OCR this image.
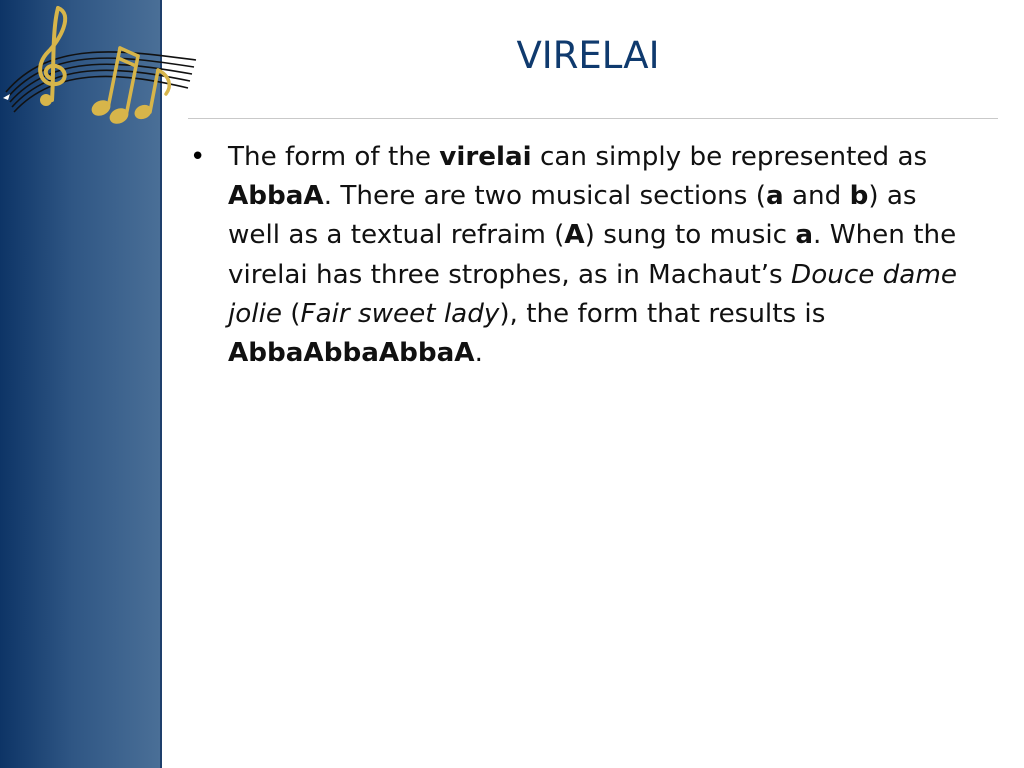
VIRELAI
• The form of the virelai can simply be represented as AbbaA. There are two musical sections (a and b) as well as a textual refraim (A) sung to music a. When the virelai has three strophes, as in Machaut’s Douce dame jolie (Fair sweet lady), the form that results is AbbaAbbaAbbaA.
